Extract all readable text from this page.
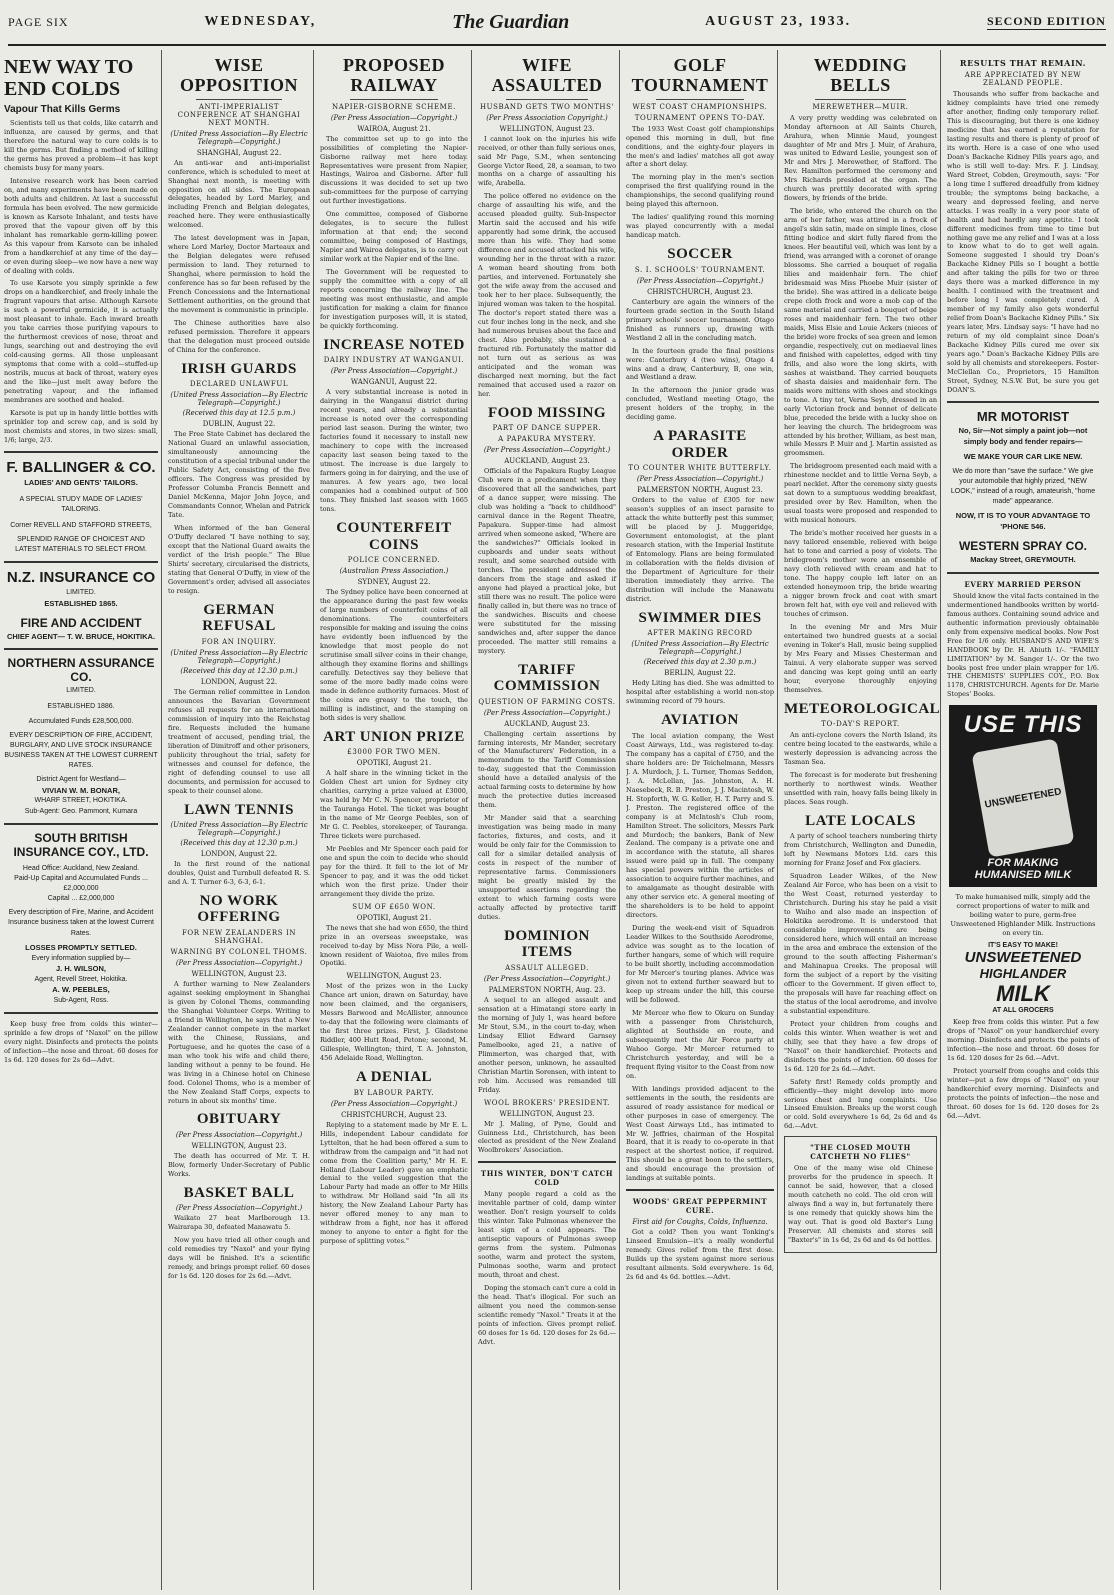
PAGE SIX	WEDNESDAY,	The Guardian	AUGUST 23, 1933.	SECOND EDITION
NEW WAY TO END COLDS
Vapour That Kills Germs

Scientists tell us that colds, like catarrh and influenza, are caused by germs, and that therefore the natural way to cure colds is to kill the germs. But finding a method of killing the germs has proved a problem—it has kept chemists busy for many years.

Intensive research work has been carried on, and many experiments have been made on both adults and children. At last a successful formula has been evolved. The new germicide is known as Karsote Inhalant, and tests have proved that the vapour given off by this inhalant has remarkable germ-killing power. As this vapour from Karsote can be inhaled from a handkerchief at any time of the day—or even during sleep—we now have a new way of dealing with colds.

To use Karsote you simply sprinkle a few drops on a handkerchief, and freely inhale the fragrant vapours that arise. Although Karsote is such a powerful germicide, it is actually most pleasant to inhale. Each inward breath you take carries those purifying vapours to the furthermost crevices of nose, throat and lungs, searching out and destroying the evil cold-causing germs. All those unpleasant symptoms that come with a cold—stuffed-up nostrils, mucus at back of throat, watery eyes and the like—just melt away before the penetrating vapour, and the inflamed membranes are soothed and healed.

Karsote is put up in handy little bottles with sprinkler top and screw cap, and is sold by most chemists and stores, in two sizes: small, 1/6; large, 2/3.

F. BALLINGER & CO.
LADIES' AND GENTS' TAILORS.
A SPECIAL STUDY MADE OF LADIES' TAILORING.
Corner REVELL AND STAFFORD STREETS,
SPLENDID RANGE OF CHOICEST AND LATEST MATERIALS TO SELECT FROM.
N.Z. INSURANCE CO
LIMITED.
ESTABLISHED 1865.
FIRE AND ACCIDENT
CHIEF AGENT— T. W. BRUCE, HOKITIKA.
NORTHERN ASSURANCE CO.
LIMITED.
ESTABLISHED 1886.
Accumulated Funds £28,500,000.
EVERY DESCRIPTION OF FIRE, ACCIDENT, BURGLARY, AND LIVE STOCK INSURANCE BUSINESS TAKEN AT THE LOWEST CURRENT RATES.
District Agent for Westland—
VIVIAN W. M. BONAR,
WHARF STREET, HOKITIKA.
Sub-Agent: Geo. Pammont, Kumara
SOUTH BRITISH INSURANCE COY., LTD.
Head Office: Auckland, New Zealand.
Paid-Up Capital and Accumulated Funds ... £2,000,000
Capital ... £2,000,000
Every description of Fire, Marine, and Accident Insurance business taken at the lowest Current Rates.
LOSSES PROMPTLY SETTLED.
Every information supplied by—
J. H. WILSON,
Agent, Revell Street, Hokitika.
A. W. PEEBLES,
Sub-Agent, Ross.

Keep busy free from colds this winter—sprinkle a few drops of "Naxol" on the pillow every night. Disinfects and protects the points of infection—the nose and throat. 60 doses for 1s 6d. 120 doses for 2s 6d—Advt.

WISE OPPOSITION
ANTI-IMPERIALIST CONFERENCE AT SHANGHAI NEXT MONTH.
(United Press Association—By Electric Telegraph—Copyright.)
SHANGHAI, August 22.

An anti-war and anti-imperialist conference, which is scheduled to meet at Shanghai next month, is meeting with opposition on all sides. The European delegates, headed by Lord Marley, and including French and Belgian delegates, reached here. They were enthusiastically welcomed.

The latest development was in Japan, where Lord Marley, Doctor Marteaux and the Belgian delegates were refused permission to land. They returned to Shanghai, where permission to hold the conference has so far been refused by the French Concessions and the International Settlement authorities, on the ground that the movement is communistic in principle.

The Chinese authorities have also refused permission. Therefore it appears that the delegation must proceed outside of China for the conference.

IRISH GUARDS
DECLARED UNLAWFUL
(United Press Association—By Electric Telegraph—Copyright.)
(Received this day at 12.5 p.m.)
DUBLIN, August 22.

The Free State Cabinet has declared the National Guard an unlawful association, simultaneously announcing the constitution of a special tribunal under the Public Safety Act, consisting of the five officers. The Congress was presided by Professor Columba Francis Bennett and Daniel McKenna, Major John Joyce, and Commandants Connor, Whelan and Patrick Tate.

When informed of the ban General O'Duffy declared "I have nothing to say, except that the National Guard awaits the verdict of the Irish people." The Blue Shirts' secretary, circularised the districts, stating that General O'Duffy, in view of the Government's order, advised all associates to resign.

GERMAN REFUSAL
FOR AN INQUIRY.
(United Press Association—By Electric Telegraph—Copyright.)
(Received this day at 12.30 p.m.)
LONDON, August 22.

The German relief committee in London announces the Bavarian Government refuses all requests for an international commission of inquiry into the Reichstag fire. Requests included the humane treatment of accused, pending trial, the liberation of Dimitroff and other prisoners, publicity throughout the trial, safety for witnesses and counsel for defence, the right of defending counsel to use all documents, and permission for accused to speak to their counsel alone.

LAWN TENNIS
(United Press Association—By Electric Telegraph—Copyright.)
(Received this day at 12.30 p.m.)
LONDON, August 22.

In the first round of the national doubles, Quist and Turnbull defeated R. S. and A. T. Turner 6-3, 6-3, 6-1.

NO WORK OFFERING
FOR NEW ZEALANDERS IN SHANGHAI.
WARNING BY COLONEL THOMS.
(Per Press Association—Copyright.)
WELLINGTON, August 23.

A further warning to New Zealanders against seeking employment in Shanghai is given by Colonel Thoms, commanding the Shanghai Volunteer Corps. Writing to a friend in Wellington, he says that a New Zealander cannot compete in the market with the Chinese, Russians, and Portuguese, and he quotes the case of a man who took his wife and child there, landing without a penny to be found. He was living in a Chinese hotel on Chinese food. Colonel Thoms, who is a member of the New Zealand Staff Corps, expects to return in about six months' time.

OBITUARY
(Per Press Association—Copyright.)
WELLINGTON, August 23.

The death has occurred of Mr. T. H. Blow, formerly Under-Secretary of Public Works.

BASKET BALL
(Per Press Association—Copyright.)

Waikato 27 beat Marlborough 13. Wairarapa 30, defeated Manawatu 5.

Now you have tried all other cough and cold remedies try "Naxol" and your flying days will be finished. It's a scientific remedy, and brings prompt relief. 60 doses for 1s 6d. 120 doses for 2s 6d.—Advt.

PROPOSED RAILWAY
NAPIER-GISBORNE SCHEME.
(Per Press Association—Copyright.)
WAIROA, August 21.

The committee set up to go into the possibilities of completing the Napier-Gisborne railway met here today. Representatives were present from Napier, Hastings, Wairoa and Gisborne. After full discussions it was decided to set up two sub-committees for the purpose of carrying out further investigations.

One committee, composed of Gisborne delegates, is to secure the fullest information at that end; the second committee, being composed of Hastings, Napier and Wairoa delegates, is to carry out similar work at the Napier end of the line.

The Government will be requested to supply the committee with a copy of all reports concerning the railway line. The meeting was most enthusiastic, and ample justification for making a claim for finance for investigation purposes will, it is stated, be quickly forthcoming.

INCREASE NOTED
DAIRY INDUSTRY AT WANGANUI.
(Per Press Association—Copyright.)
WANGANUI, August 22.

A very substantial increase is noted in dairying in the Wanganui district during recent years, and already a substantial increase is noted over the corresponding period last season. During the winter, two factories found it necessary to install new machinery to cope with the increased capacity last season being taxed to the utmost. The increase is due largely to farmers going in for dairying, and the use of manures. A few years ago, two local companies had a combined output of 500 tons. They finished last season with 1665 tons.

COUNTERFEIT COINS
POLICE CONCERNED.
(Australian Press Association.)
SYDNEY, August 22.

The Sydney police have been concerned at the appearance during the past few weeks of large numbers of counterfeit coins of all denominations. The counterfeiters responsible for making and issuing the coins have evidently been influenced by the knowledge that most people do not scrutinise small silver coins in their change, although they examine florins and shillings carefully. Detectives say they believe that some of the more badly made coins were made in defence authority furnaces. Most of the coins are greasy to the touch, the milling is indistinct, and the stamping on both sides is very shallow.

ART UNION PRIZE
£3000 FOR TWO MEN.
OPOTIKI, August 21.

A half share in the winning ticket in the Golden Chest art union for Sydney city charities, carrying a prize valued at £3000, was held by Mr C. N. Spencer, proprietor of the Tauranga Hotel. The ticket was bought in the name of Mr George Peebles, son of Mr G. C. Peebles, storekeeper, of Tauranga. Three tickets were purchased.

Mr Peebles and Mr Spencer each paid for one and spun the coin to decide who should pay for the third. It fell to the lot of Mr Spencer to pay, and it was the odd ticket which won the first prize. Under their arrangement they divide the prize.

SUM OF £650 WON.
OPOTIKI, August 21.

The news that she had won £650, the third prize in an overseas sweepstake, was received to-day by Miss Nora Pile, a well-known resident of Waiotoa, five miles from Opotiki.

WELLINGTON, August 23.

Most of the prizes won in the Lucky Chance art union, drawn on Saturday, have now been claimed, and the organisers, Messrs Barwood and McAllister, announce to-day that the following were claimants of the first three prizes. First, J. Gladstone Riddler, 400 Hutt Road, Petone; second, M. Gillespie, Wellington; third, T. A. Johnston, 456 Adelaide Road, Wellington.

A DENIAL
BY LABOUR PARTY.
(Per Press Association—Copyright.)
CHRISTCHURCH, August 23.

Replying to a statement made by Mr E. L. Hills, independent Labour candidate for Lyttelton, that he had been offered a sum to withdraw from the campaign and "it had not come from the Coalition party," Mr H. E. Holland (Labour Leader) gave an emphatic denial to the veiled suggestion that the Labour Party had made an offer to Mr Hills to withdraw. Mr Holland said "In all its history, the New Zealand Labour Party has never offered money to any man to withdraw from a fight, nor has it offered money to anyone to enter a fight for the purpose of splitting votes."

WIFE ASSAULTED
HUSBAND GETS TWO MONTHS'
(Per Press Association Copyright.)
WELLINGTON, August 23.

I cannot look on the injuries his wife received, or other than fully serious ones, said Mr Page, S.M., when sentencing George Victor Reed, 28, a seaman, to two months on a charge of assaulting his wife, Arabella.

The police offered no evidence on the charge of assaulting his wife, and the accused pleaded guilty. Sub-Inspector Martin said the accused and his wife apparently had some drink, the accused more than his wife. They had some difference and accused attacked his wife, wounding her in the throat with a razor. A woman heard shouting from both parties, and intervened. Fortunately she got the wife away from the accused and took her to her place. Subsequently, the injured woman was taken to the hospital. The doctor's report stated there was a cut four inches long in the neck, and she had numerous bruises about the face and chest. Also probably, she sustained a fractured rib. Fortunately the matter did not turn out as serious as was anticipated and the woman was discharged next morning, but the fact remained that accused used a razor on her.

FOOD MISSING
PART OF DANCE SUPPER.
A PAPAKURA MYSTERY.
(Per Press Association—Copyright.)
AUCKLAND, August 23.

Officials of the Papakura Rugby League Club were in a predicament when they discovered that all the sandwiches, part of a dance supper, were missing. The club was holding a "back to childhood" carnival dance in the Regent Theatre, Papakura. Supper-time had almost arrived when someone asked, "Where are the sandwiches?" Officials looked in cupboards and under seats without result, and some searched outside with torches. The president addressed the dancers from the stage and asked if anyone had played a practical joke, but still there was no result. The police were finally called in, but there was no trace of the sandwiches. Biscuits and cheese were substituted for the missing sandwiches and, after supper the dance proceeded. The matter still remains a mystery.

TARIFF COMMISSION
QUESTION OF FARMING COSTS.
(Per Press Association—Copyright.)
AUCKLAND, August 23.

Challenging certain assertions by farming interests, Mr Mander, secretary of the Manufacturers' Federation, in a memorandum to the Tariff Commission to-day, suggested that the Commission should have a detailed analysis of the actual farming costs to determine by how much the protective duties increased them.

Mr Mander said that a searching investigation was being made in many factories, fixtures, and costs, and it would be only fair for the Commission to call for a similar detailed analysis of costs in respect of the number of representative farms. Commissioners might be greatly misled by the unsupported assertions regarding the extent to which farming costs were actually affected by protective tariff duties.

DOMINION ITEMS
ASSAULT ALLEGED.
(Per Press Association—Copyright.)
PALMERSTON NORTH, Aug. 23.

A sequel to an alleged assault and sensation at a Himatangi store early in the morning of July 1, was heard before Mr Stout, S.M., in the court to-day, when Lindsay Elliot Edward Garnsey Pamelbooke, aged 21, a native of Plimmerton, was charged that, with another person, unknown, he assaulted Christian Martin Sorensen, with intent to rob him. Accused was remanded till Friday.

WOOL BROKERS' PRESIDENT.
WELLINGTON, August 23.

Mr J. Maling, of Pyne, Gould and Guinness Ltd., Christchurch, has been elected as president of the New Zealand Woolbrokers' Association.

THIS WINTER, DON'T CATCH COLD

Many people regard a cold as the inevitable partner of cold, damp winter weather. Don't resign yourself to colds this winter. Take Pulmonas whenever the least sign of a cold appears. The antiseptic vapours of Pulmonas sweep germs from the system. Pulmonas soothe, warm and protect the system, Pulmonas soothe, warm and protect mouth, throat and chest.

Doping the stomach can't cure a cold in the head. That's illogical. For such an ailment you need the common-sense scientific remedy "Naxol." Treats it at the points of infection. Gives prompt relief. 60 doses for 1s 6d. 120 doses for 2s 6d.—Advt.

GOLF TOURNAMENT
WEST COAST CHAMPIONSHIPS.
TOURNAMENT OPENS TO-DAY.

The 1933 West Coast golf championships opened this morning in dull, but fine conditions, and the eighty-four players in the men's and ladies' matches all got away after a short delay.

The morning play in the men's section comprised the first qualifying round in the championships, the second qualifying round being played this afternoon.

The ladies' qualifying round this morning was played concurrently with a medal handicap match.

SOCCER
S. I. SCHOOLS' TOURNAMENT.
(Per Press Association—Copyright.)
CHRISTCHURCH, August 23.

Canterbury are again the winners of the fourteen grade section in the South Island primary schools' soccer tournament. Otago finished as runners up, drawing with Westland 2 all in the concluding match.

In the fourteen grade the final positions were: Canterbury 4 (two wins), Otago 4 wins and a draw, Canterbury, B, one win, and Westland a draw.

In the afternoon the junior grade was concluded, Westland meeting Otago, the present holders of the trophy, in the deciding game.

A PARASITE ORDER
TO COUNTER WHITE BUTTERFLY.
(Per Press Association—Copyright.)
PALMERSTON NORTH, August 23.

Orders to the value of £305 for new season's supplies of an insect parasite to attack the white butterfly pest this summer, will be placed by J. Muggeridge, Government entomologist, at the plant research station, with the Imperial Institute of Entomology. Plans are being formulated in collaboration with the fields division of the Department of Agriculture for their liberation immediately they arrive. The distribution will include the Manawatu district.

SWIMMER DIES
AFTER MAKING RECORD
(United Press Association—By Electric Telegraph—Copyright.)
(Received this day at 2.30 p.m.)
BERLIN, August 22.

Hedy Liting has died. She was admitted to hospital after establishing a world non-stop swimming record of 79 hours.

AVIATION

The local aviation company, the West Coast Airways, Ltd., was registered to-day. The company has a capital of £750, and the share holders are: Dr Teichelmann, Messrs J. A. Murdoch, J. L. Turner, Thomas Seddon, J. A. McLellan, Jas. Johnston, A. H. Naesebeck, R. B. Preston, J. J. Macintosh, W. H. Stopforth, W. G. Keller, H. T. Parry and S. J. Preston. The registered office of the company is at McIntosh's Club room, Hamilton Street. The solicitors, Messrs Park and Murdoch; the bankers, Bank of New Zealand. The company is a private one and in accordance with the statute, all shares issued were paid up in full. The company has special powers within the articles of association to acquire further machines, and to amalgamate as thought desirable with any other service etc. A general meeting of the shareholders is to be held to appoint directors.

During the week-end visit of Squadron Leader Wilkes to the Southside Aerodrome, advice was sought as to the location of further hangars, some of which will require to be built shortly, including accommodation for Mr Mercer's touring planes. Advice was given not to extend further seaward but to keep up stream under the hill, this course will be followed.

Mr Mercer who flew to Okuru on Sunday with a passenger from Christchurch, alighted at Southside en route, and subsequently met the Air Force party at Wahoo Gorge. Mr Mercer returned to Christchurch yesterday, and will be a frequent flying visitor to the Coast from now on.

With landings provided adjacent to the settlements in the south, the residents are assured of ready assistance for medical or other purposes in case of emergency. The West Coast Airways Ltd., has intimated to Mr W. Jeffries, chairman of the Hospital Board, that it is ready to co-operate in that respect at the shortest notice, if required. This should be a great boon to the settlers, and should encourage the provision of landings at suitable points.

WOODS' GREAT PEPPERMINT CURE.
First aid for Coughs, Colds, Influenza.

Got a cold? Then you want Tonking's Linseed Emulsion—it's a really wonderful remedy. Gives relief from the first dose. Builds up the system against more serious resultant ailments. Sold everywhere. 1s 6d, 2s 6d and 4s 6d. bottles.—Advt.

WEDDING BELLS
MEREWETHER—MUIR.

A very pretty wedding was celebrated on Monday afternoon at All Saints Church, Arahura, when Minnie Maud, youngest daughter of Mr and Mrs J. Muir, of Arahura, was united to Edward Leslie, youngest son of Mr and Mrs J. Merewether, of Stafford. The Rev. Hamilton performed the ceremony and Mrs Richards presided at the organ. The church was prettily decorated with spring flowers, by friends of the bride.

The bride, who entered the church on the arm of her father, was attired in a frock of angel's skin satin, made on simple lines, close fitting bodice and skirt fully flared from the knees. Her beautiful veil, which was lent by a friend, was arranged with a coronet of orange blossoms. She carried a bouquet of regalia lilies and maidenhair fern. The chief bridesmaid was Miss Phoebe Muir (sister of the bride). She was attired in a delicate beige crepe cloth frock and wore a mob cap of the same material and carried a bouquet of beige roses and maidenhair fern. The two other maids, Miss Elsie and Louie Ackers (nieces of the bride) wore frocks of sea green and lemon organdie, respectively, cut on mediaeval lines and finished with capelettes, edged with tiny frills, and also wore the long skirts, with sashes at waistband. They carried bouquets of shasta daisies and maidenhair fern. The maids wore mittens with shoes and stockings to tone. A tiny tot, Verna Seyb, dressed in an early Victorian frock and bonnet of delicate blue, preceded the bride with a lucky shoe on her leaving the church. The bridegroom was attended by his brother, William, as best man, while Messrs P. Muir and J. Martin assisted as groomsmen.

The bridegroom presented each maid with a rhinestone necklet and to little Verna Seyb, a pearl necklet. After the ceremony sixty guests sat down to a sumptuous wedding breakfast, presided over by Rev. Hamilton, when the usual toasts were proposed and responded to with musical honours.

The bride's mother received her guests in a navy tailored ensemble, relieved with beige hat to tone and carried a posy of violets. The bridegroom's mother wore an ensemble of navy cloth relieved with cream and hat to tone. The happy couple left later on an extended honeymoon trip, the bride wearing a nigger brown frock and coat with smart brown felt hat, with eye veil and relieved with touches of crimson.

In the evening Mr and Mrs Muir entertained two hundred guests at a social evening in Toker's Hall, music being supplied by Mrs Feary and Misses Chesterman and Tainui. A very elaborate supper was served and dancing was kept going until an early hour, everyone thoroughly enjoying themselves.

METEOROLOGICAL
TO-DAY'S REPORT.

An anti-cyclone covers the North Island, its centre being located to the eastwards, while a westerly depression is advancing across the Tasman Sea.

The forecast is for moderate but freshening northerly to northwest winds. Weather unsettled with rain, heavy falls being likely in places. Seas rough.

LATE LOCALS

A party of school teachers numbering thirty from Christchurch, Wellington and Dunedin, left by Newmans Motors Ltd. cars this morning for Franz Josef and Fox glaciers.

Squadron Leader Wilkes, of the New Zealand Air Force, who has been on a visit to the West Coast, returned yesterday to Christchurch. During his stay he paid a visit to Waiho and also made an inspection of Hokitika aerodrome. It is understood that considerable improvements are being considered here, which will entail an increase in the area and embrace the extension of the ground to the south affecting Fisherman's and Mahinapua Creeks. The proposal will form the subject of a report by the visiting officer to the Government. If given effect to, the proposals will have far reaching effect on the status of the local aerodrome, and involve a substantial expenditure.

Protect your children from coughs and colds this winter. When weather is wet and chilly, see that they have a few drops of "Naxol" on their handkerchief. Protects and disinfects the points of infection. 60 doses for 1s 6d. 120 for 2s 6d.—Advt.

Safety first! Remedy colds promptly and efficiently—they might develop into more serious chest and lung complaints. Use Linseed Emulsion. Breaks up the worst cough or cold. Sold everywhere 1s 6d, 2s 6d and 4s 6d.—Advt.

"THE CLOSED MOUTH CATCHETH NO FLIES"

One of the many wise old Chinese proverbs for the prudence in speech. It cannot be said, however, that a closed mouth catcheth no cold. The old cron will always find a way in, but fortunately there is one remedy that quickly shows him the way out. That is good old Baxter's Lung Preserver. All chemists and stores sell "Baxter's" in 1s 6d, 2s 6d and 4s 6d bottles.

RESULTS THAT REMAIN.
ARE APPRECIATED BY NEW ZEALAND PEOPLE.

Thousands who suffer from backache and kidney complaints have tried one remedy after another, finding only temporary relief. This is discouraging, but there is one kidney medicine that has earned a reputation for lasting results and there is plenty of proof of its worth. Here is a case of one who used Doan's Backache Kidney Pills years ago, and who is still well to-day: Mrs. F. J. Lindsay, Ward Street, Cobden, Greymouth, says: "For a long time I suffered dreadfully from kidney trouble; the symptoms being backache, a weary and depressed feeling, and nerve attacks. I was really in a very poor state of health and had hardly any appetite. I took different medicines from time to time but nothing gave me any relief and I was at a loss to know what to do to get well again. Someone suggested I should try Doan's Backache Kidney Pills so I bought a bottle and after taking the pills for two or three days there was a marked difference in my health. I continued with the treatment and before long I was completely cured. A member of my family also gets wonderful relief from Doan's Backache Kidney Pills." Six years later, Mrs. Lindsay says: "I have had no return of my old complaint since Doan's Backache Kidney Pills cured me over six years ago." Doan's Backache Kidney Pills are sold by all chemists and storekeepers. Foster-McClellan Co., Proprietors, 15 Hamilton Street, Sydney, N.S.W. But, be sure you get DOAN'S.

MR MOTORIST
No, Sir—Not simply a paint job—not simply body and fender repairs—
WE MAKE YOUR CAR LIKE NEW.
We do more than "save the surface." We give your automobile that highly prized, "NEW LOOK," instead of a rough, amateurish, "home made" appearance.
NOW, IT IS TO YOUR ADVANTAGE TO 'PHONE 546.
WESTERN SPRAY CO.
Mackay Street, GREYMOUTH.
EVERY MARRIED PERSON

Should know the vital facts contained in the undermentioned handbooks written by world-famous authors. Containing sound advice and authentic information previously obtainable only from expensive medical books. Now Post Free for 1/6 only. HUSBAND'S AND WIFE'S HANDBOOK by Dr. H. Abiuth 1/-. "FAMILY LIMITATION" by M. Sanger 1/-. Or the two books post free under plain wrapper for 1/6. THE CHEMISTS' SUPPLIES COY., P.O. Box 1178, CHRISTCHURCH. Agents for Dr. Marie Stopes' Books.

USE THIS
UNSWEETENED
FOR MAKING HUMANISED MILK

To make humanised milk, simply add the correct proportions of water to milk and boiling water to pure, germ-free Unsweetened Highlander Milk. Instructions on every tin.

IT'S EASY TO MAKE!
UNSWEETENED
HIGHLANDER
MILK
AT ALL GROCERS

Keep free from colds this winter. Put a few drops of "Naxol" on your handkerchief every morning. Disinfects and protects the points of infection—the nose and throat. 60 doses for 1s 6d. 120 doses for 2s 6d.—Advt.

Protect yourself from coughs and colds this winter—put a few drops of "Naxol" on your handkerchief every morning. Disinfects and protects the points of infection—the nose and throat. 60 doses for 1s 6d. 120 doses for 2s 6d.—Advt.
